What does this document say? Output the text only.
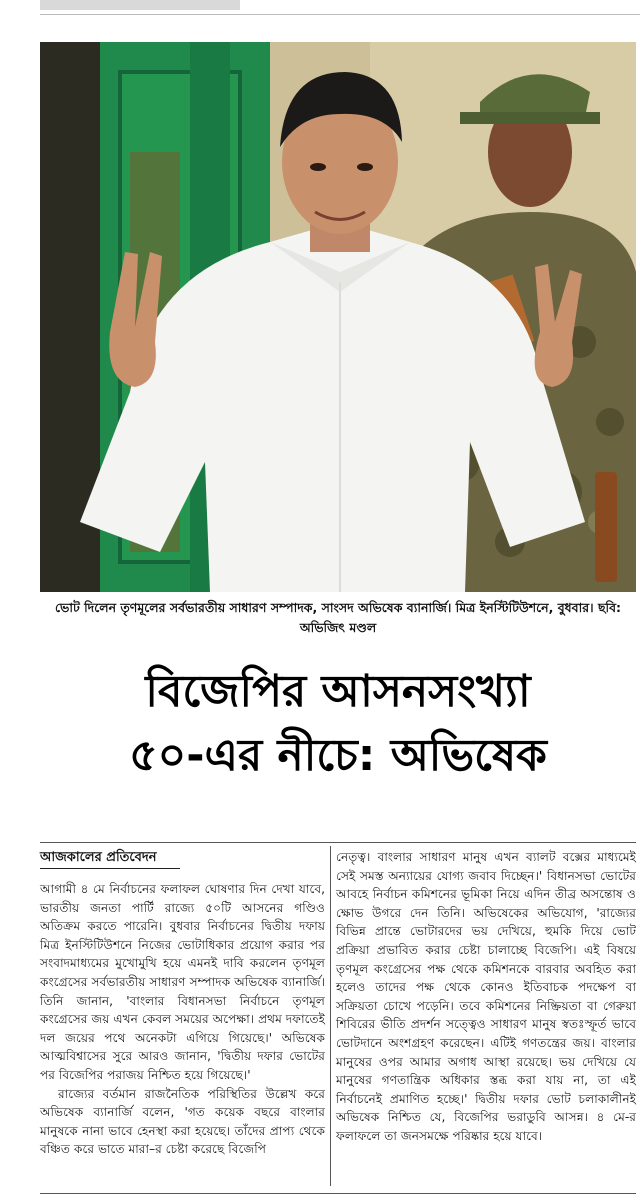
ভোট দিলেন তৃণমূলের সর্বভারতীয় সাধারণ সম্পাদক, সাংসদ অভিষেক ব্যানার্জি। মিত্র ইনস্টিটিউশনে, বুধবার। ছবি: অভিজিৎ মণ্ডল
বিজেপির আসনসংখ্যা
৫০-এর নীচে: অভিষেক
আজকালের প্রতিবেদন

আগামী ৪ মে নির্বাচনের ফলাফল ঘোষণার দিন দেখা যাবে, ভারতীয় জনতা পার্টি রাজ্যে ৫০টি আসনের গণ্ডিও অতিক্রম করতে পারেনি। বুধবার নির্বাচনের দ্বিতীয় দফায় মিত্র ইনস্টিটিউশনে নিজের ভোটাধিকার প্রয়োগ করার পর সংবাদমাধ্যমের মুখোমুখি হয়ে এমনই দাবি করলেন তৃণমূল কংগ্রেসের সর্বভারতীয় সাধারণ সম্পাদক অভিষেক ব্যানার্জি। তিনি জানান, 'বাংলার বিধানসভা নির্বাচনে তৃণমূল কংগ্রেসের জয় এখন কেবল সময়ের অপেক্ষা। প্রথম দফাতেই দল জয়ের পথে অনেকটা এগিয়ে গিয়েছে।' অভিষেক আত্মবিশ্বাসের সুরে আরও জানান, 'দ্বিতীয় দফার ভোটের পর বিজেপির পরাজয় নিশ্চিত হয়ে গিয়েছে।'

রাজ্যের বর্তমান রাজনৈতিক পরিস্থিতির উল্লেখ করে অভিষেক ব্যানার্জি বলেন, 'গত কয়েক বছরে বাংলার মানুষকে নানা ভাবে হেনস্থা করা হয়েছে। তাঁদের প্রাপ্য থেকে বঞ্চিত করে ভাতে মারা–র চেষ্টা করেছে বিজেপি

নেতৃত্ব। বাংলার সাধারণ মানুষ এখন ব্যালট বক্সের মাধ্যমেই সেই সমস্ত অন্যায়ের যোগ্য জবাব দিচ্ছেন।' বিধানসভা ভোটের আবহে নির্বাচন কমিশনের ভূমিকা নিয়ে এদিন তীব্র অসন্তোষ ও ক্ষোভ উগরে দেন তিনি। অভিষেকের অভিযোগ, 'রাজ্যের বিভিন্ন প্রান্তে ভোটারদের ভয় দেখিয়ে, হুমকি দিয়ে ভোট প্রক্রিয়া প্রভাবিত করার চেষ্টা চালাচ্ছে বিজেপি। এই বিষয়ে তৃণমূল কংগ্রেসের পক্ষ থেকে কমিশনকে বারবার অবহিত করা হলেও তাদের পক্ষ থেকে কোনও ইতিবাচক পদক্ষেপ বা সক্রিয়তা চোখে পড়েনি। তবে কমিশনের নিষ্ক্রিয়তা বা গেরুয়া শিবিরের ভীতি প্রদর্শন সত্ত্বেও সাধারণ মানুষ স্বতঃস্ফূর্ত ভাবে ভোটদানে অংশগ্রহণ করেছেন। এটিই গণতন্ত্রের জয়। বাংলার মানুষের ওপর আমার অগাধ আস্থা রয়েছে। ভয় দেখিয়ে যে মানুষের গণতান্ত্রিক অধিকার স্তব্ধ করা যায় না, তা এই নির্বাচনেই প্রমাণিত হচ্ছে।' দ্বিতীয় দফার ভোট চলাকালীনই অভিষেক নিশ্চিত যে, বিজেপির ভরাডুবি আসন্ন। ৪ মে-র ফলাফলে তা জনসমক্ষে পরিষ্কার হয়ে যাবে।
